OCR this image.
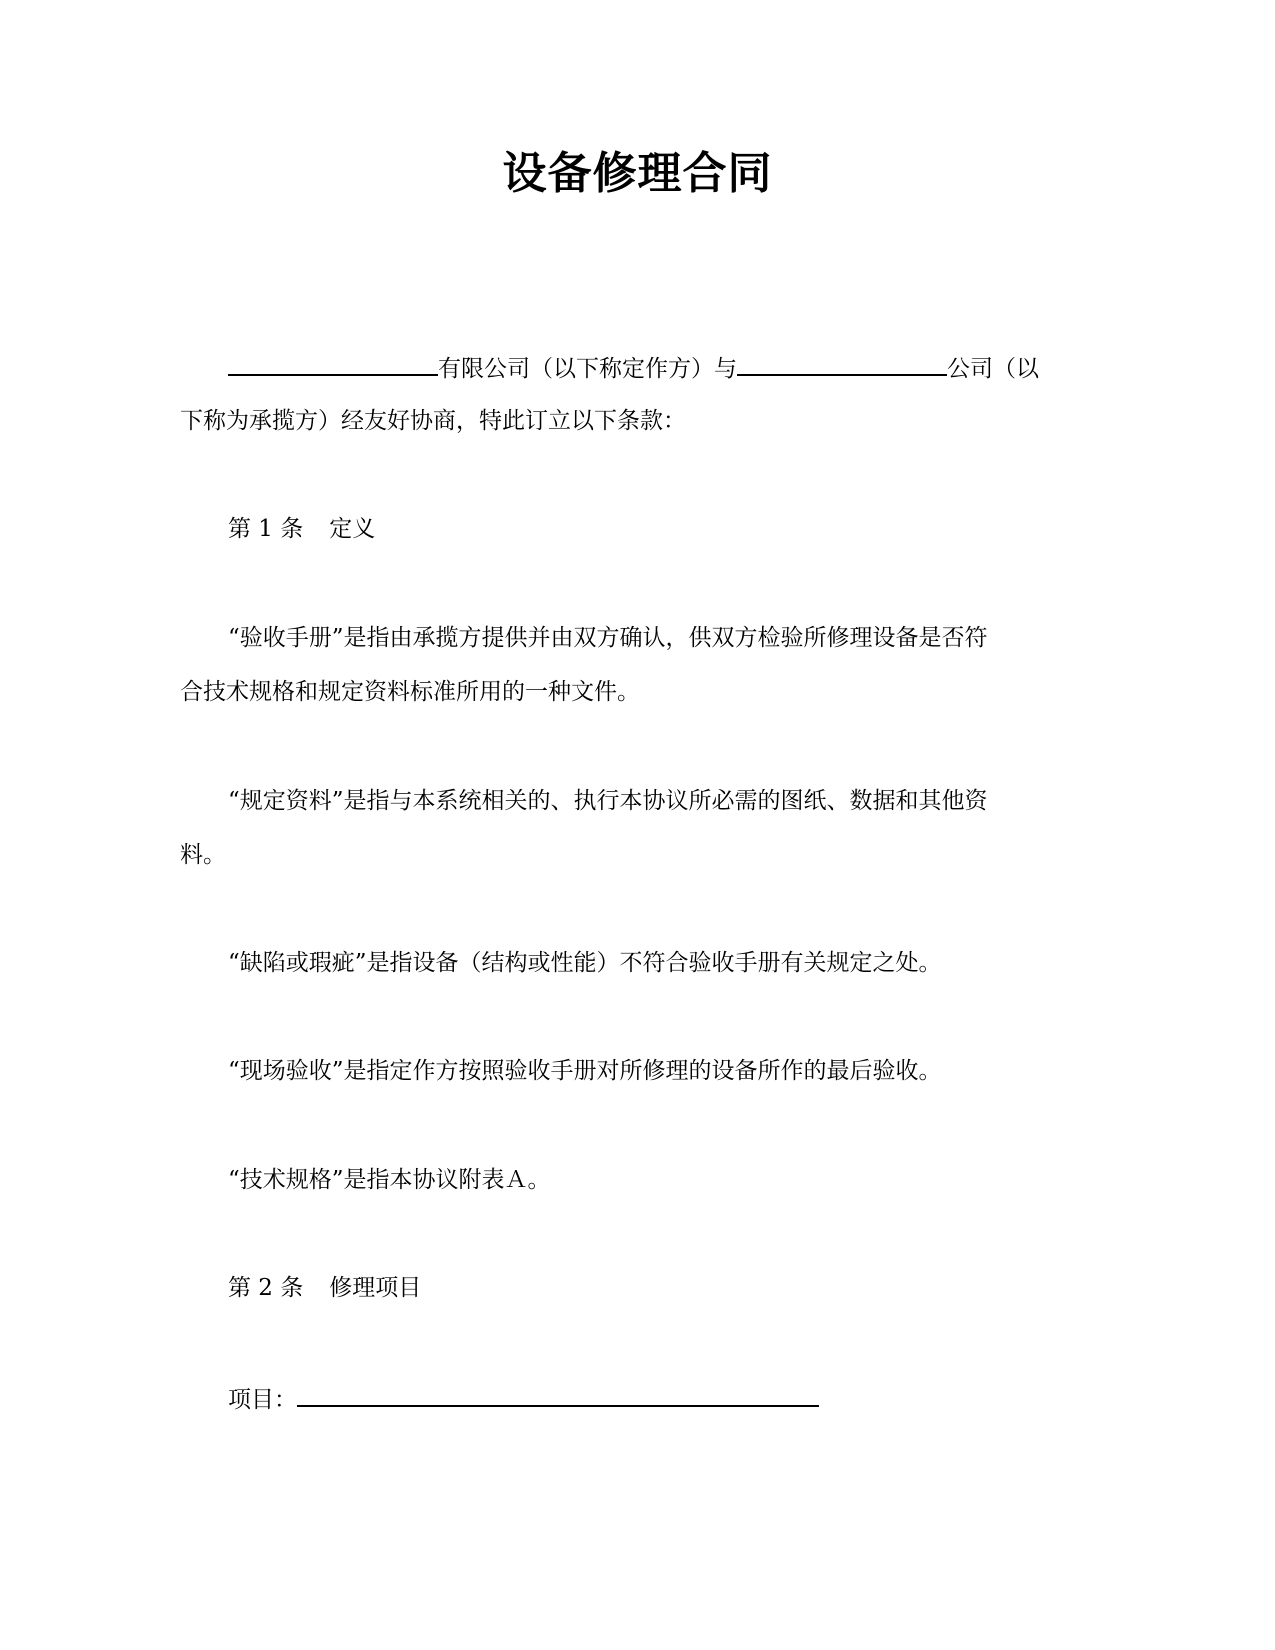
设备修理合同
有限公司（以下称定作方）与	公司（以
下称为承揽方）经友好协商，特此订立以下条款：
第 1 条 定义
“验收手册”是指由承揽方提供并由双方确认，供双方检验所修理设备是否符
合技术规格和规定资料标准所用的一种文件。
“规定资料”是指与本系统相关的、执行本协议所必需的图纸、数据和其他资
料。
“缺陷或瑕疵”是指设备（结构或性能）不符合验收手册有关规定之处。
“现场验收”是指定作方按照验收手册对所修理的设备所作的最后验收。
“技术规格”是指本协议附表Ａ。
第 2 条 修理项目
项目：
